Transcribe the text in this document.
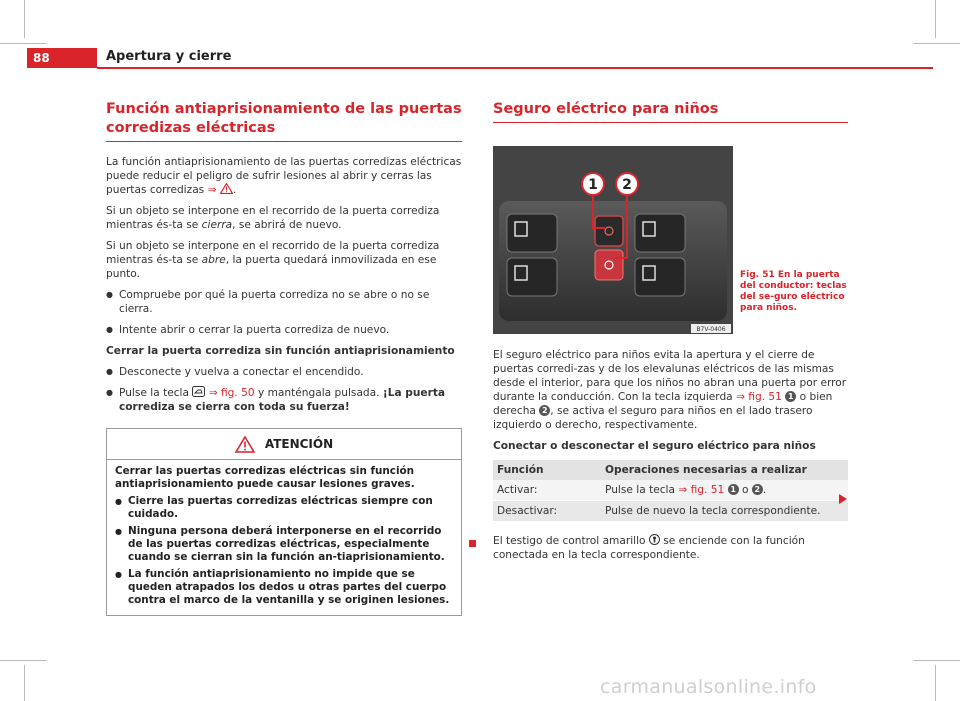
88	Apertura y cierre
Función antiaprisionamiento de las puertas corredizas eléctricas

La función antiaprisionamiento de las puertas corredizas eléctricas puede reducir el peligro de sufrir lesiones al abrir y cerras las puertas corredizas ⇒ .

Si un objeto se interpone en el recorrido de la puerta corrediza mientras és-ta se cierra, se abrirá de nuevo.

Si un objeto se interpone en el recorrido de la puerta corrediza mientras és-ta se abre, la puerta quedará inmovilizada en ese punto.

● Compruebe por qué la puerta corrediza no se abre o no se cierra.
● Intente abrir o cerrar la puerta corrediza de nuevo.

Cerrar la puerta corrediza sin función antiaprisionamiento

● Desconecte y vuelva a conectar el encendido.
● Pulse la tecla  ⇒ fig. 50 y manténgala pulsada. ¡La puerta corrediza se cierra con toda su fuerza!
ATENCIÓN

Cerrar las puertas corredizas eléctricas sin función antiaprisionamiento puede causar lesiones graves.

● Cierre las puertas corredizas eléctricas siempre con cuidado.
● Ninguna persona deberá interponerse en el recorrido de las puertas corredizas eléctricas, especialmente cuando se cierran sin la función an-tiaprisionamiento.
● La función antiaprisionamiento no impide que se queden atrapados los dedos u otras partes del cuerpo contra el marco de la ventanilla y se originen lesiones.
Seguro eléctrico para niños
1 2
B7V-0406
Fig. 51 En la puerta del conductor: teclas del se-guro eléctrico para niños.

El seguro eléctrico para niños evita la apertura y el cierre de puertas corredi-zas y de los elevalunas eléctricos de las mismas desde el interior, para que los niños no abran una puerta por error durante la conducción. Con la tecla izquierda ⇒ fig. 51 1 o bien derecha 2 , se activa el seguro para niños en el lado trasero izquierdo o derecho, respectivamente.

Conectar o desconectar el seguro eléctrico para niños

Función	Operaciones necesarias a realizar
Activar:	Pulse la tecla ⇒ fig. 51 1 o 2 .
Desactivar:	Pulse de nuevo la tecla correspondiente.

El testigo de control amarillo  se enciende con la función conectada en la tecla correspondiente.

carmanualsonline.info
